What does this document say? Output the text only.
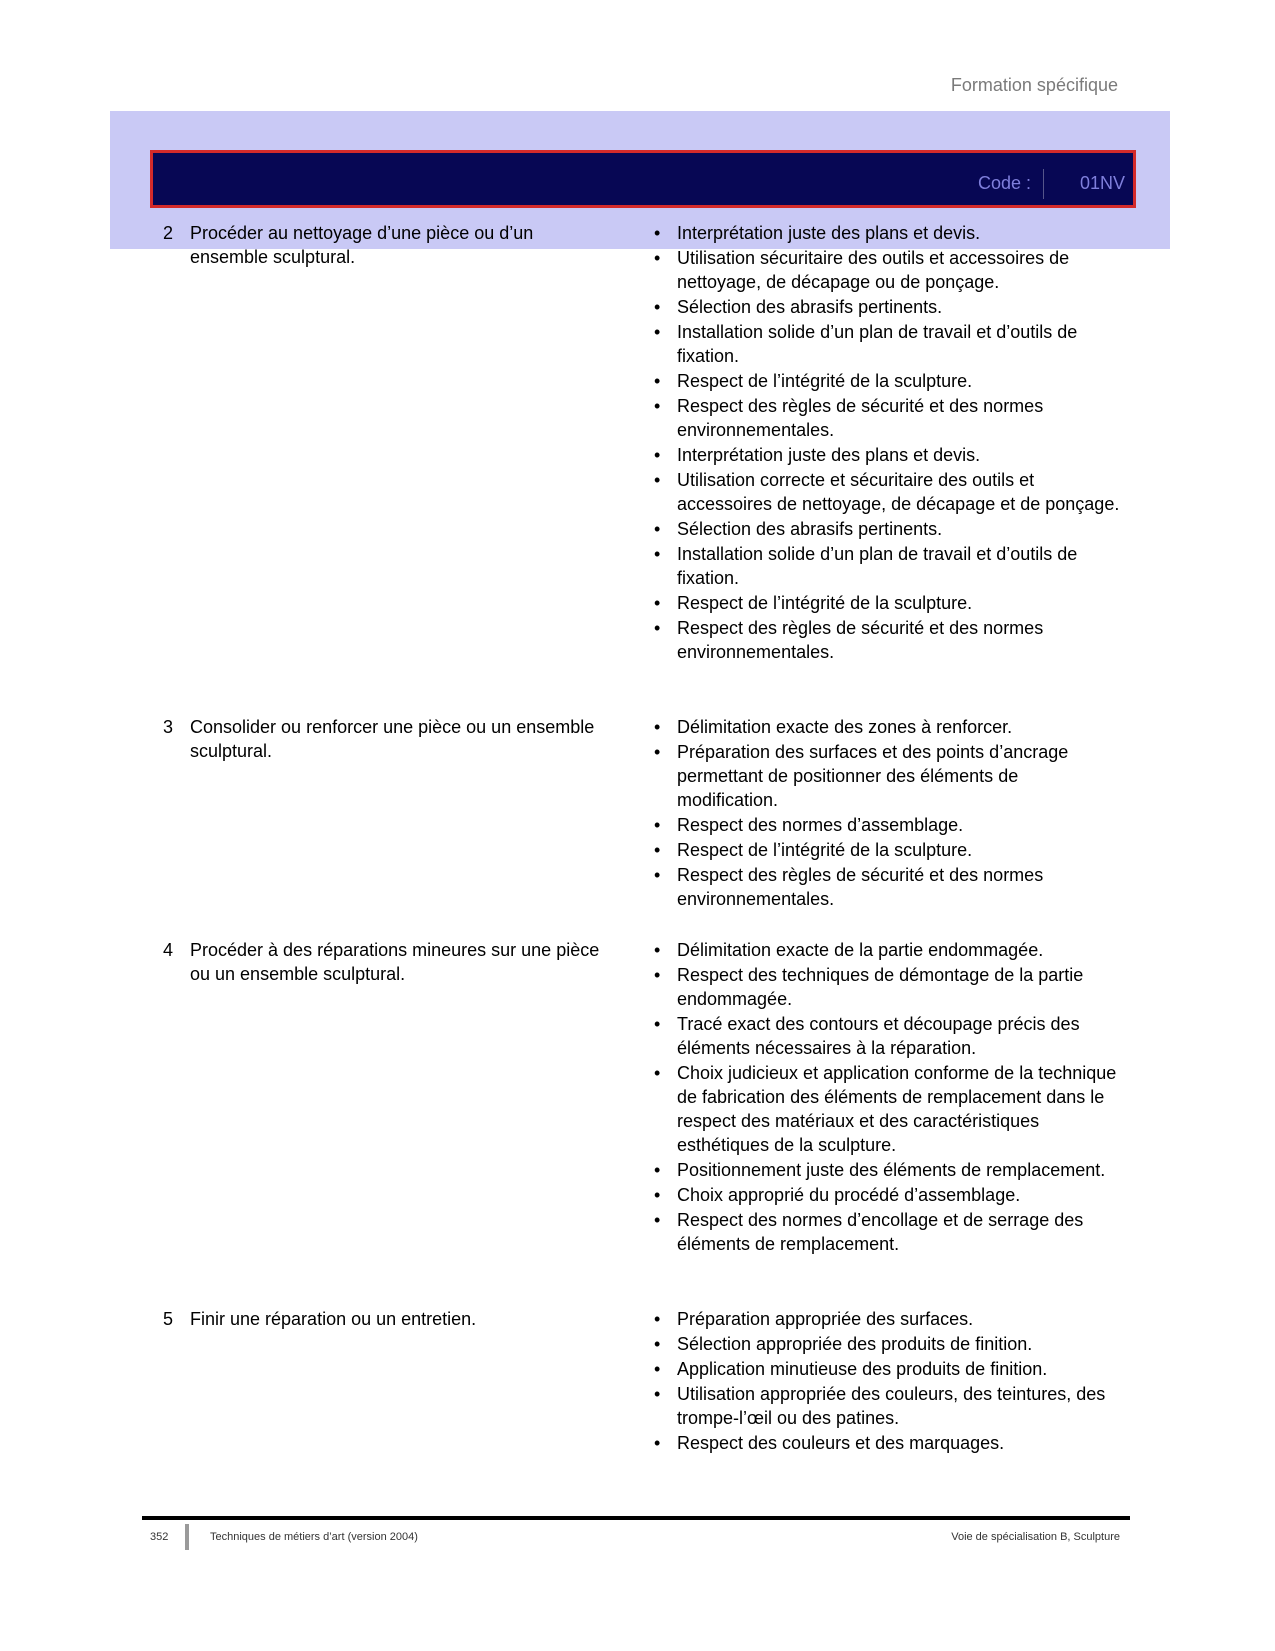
Formation spécifique
Code :	01NV
2 Procéder au nettoyage d’une pièce ou d’un ensemble sculptural.
• Interprétation juste des plans et devis.
• Utilisation sécuritaire des outils et accessoires de nettoyage, de décapage ou de ponçage.
• Sélection des abrasifs pertinents.
• Installation solide d’un plan de travail et d’outils de fixation.
• Respect de l’intégrité de la sculpture.
• Respect des règles de sécurité et des normes environnementales.
• Interprétation juste des plans et devis.
• Utilisation correcte et sécuritaire des outils et accessoires de nettoyage, de décapage et de ponçage.
• Sélection des abrasifs pertinents.
• Installation solide d’un plan de travail et d’outils de fixation.
• Respect de l’intégrité de la sculpture.
• Respect des règles de sécurité et des normes environnementales.
3 Consolider ou renforcer une pièce ou un ensemble sculptural.
• Délimitation exacte des zones à renforcer.
• Préparation des surfaces et des points d’ancrage permettant de positionner des éléments de modification.
• Respect des normes d’assemblage.
• Respect de l’intégrité de la sculpture.
• Respect des règles de sécurité et des normes environnementales.
4 Procéder à des réparations mineures sur une pièce ou un ensemble sculptural.
• Délimitation exacte de la partie endommagée.
• Respect des techniques de démontage de la partie endommagée.
• Tracé exact des contours et découpage précis des éléments nécessaires à la réparation.
• Choix judicieux et application conforme de la technique de fabrication des éléments de remplacement dans le respect des matériaux et des caractéristiques esthétiques de la sculpture.
• Positionnement juste des éléments de remplacement.
• Choix approprié du procédé d’assemblage.
• Respect des normes d’encollage et de serrage des éléments de remplacement.
5 Finir une réparation ou un entretien.
•	Préparation appropriée des surfaces.
• Sélection appropriée des produits de finition.
• Application minutieuse des produits de finition.
• Utilisation appropriée des couleurs, des teintures, des trompe-l’œil ou des patines.
• Respect des couleurs et des marquages.
352	Techniques de métiers d’art (version 2004)	Voie de spécialisation B, Sculpture
